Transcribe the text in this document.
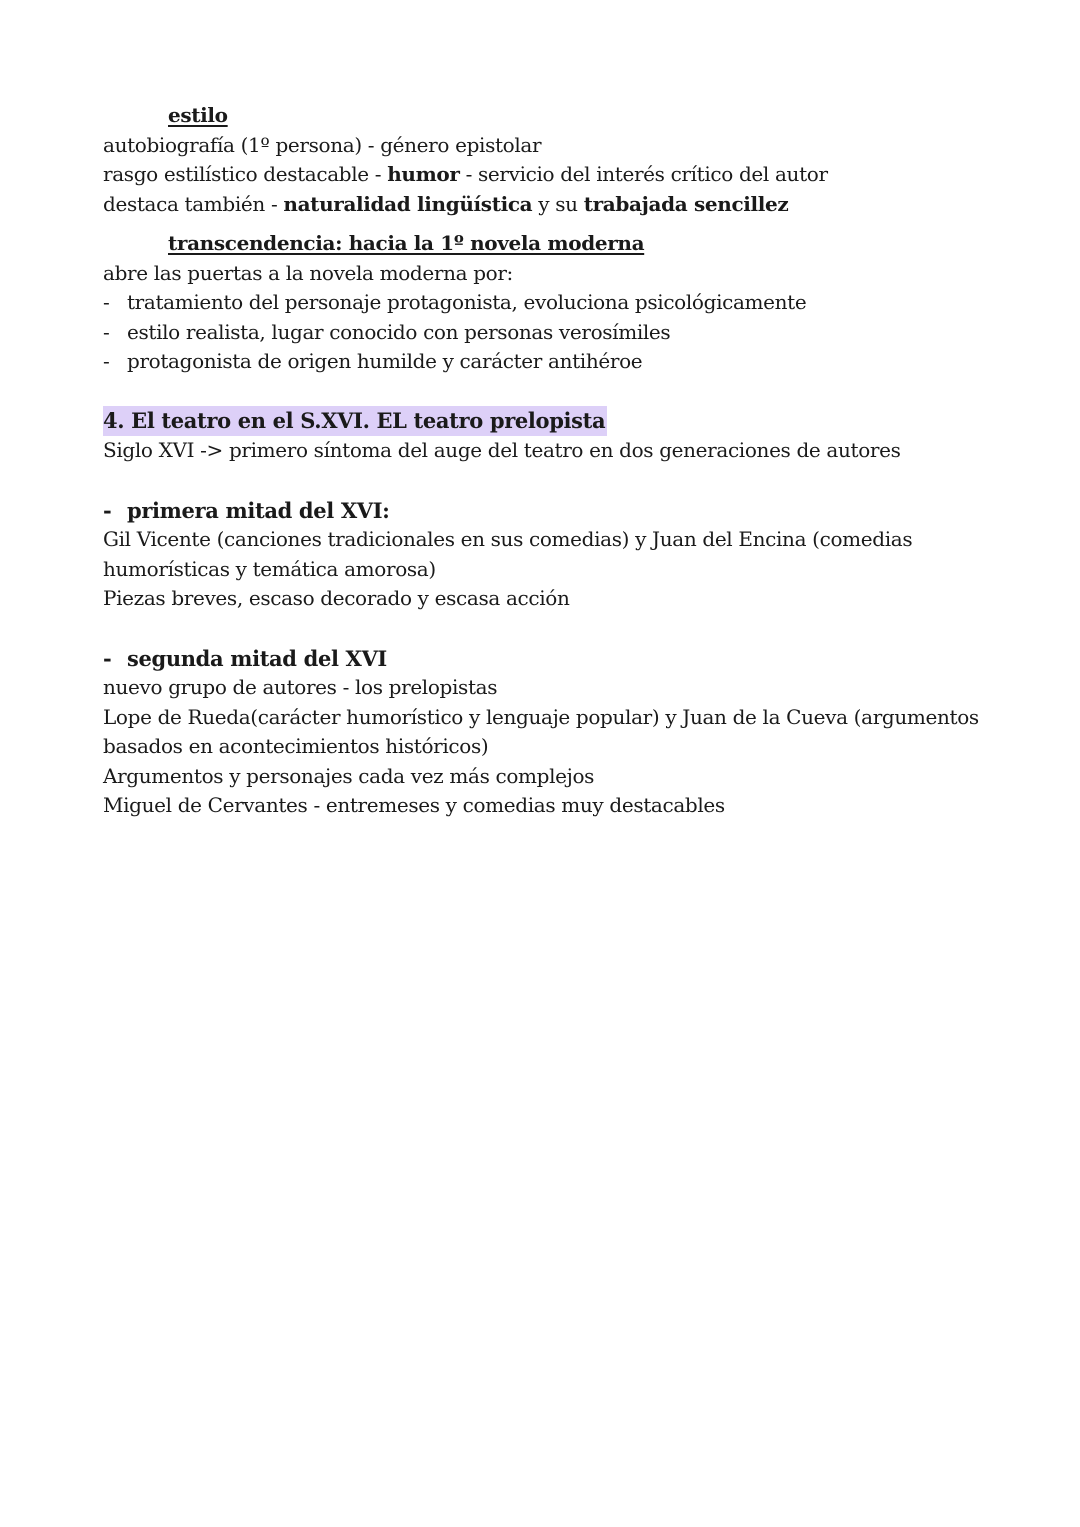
estilo
autobiografía (1º persona) - género epistolar
rasgo estilístico destacable - humor - servicio del interés crítico del autor
destaca también - naturalidad lingüística y su trabajada sencillez
transcendencia: hacia la 1º novela moderna
abre las puertas a la novela moderna por:
- tratamiento del personaje protagonista, evoluciona psicológicamente
- estilo realista, lugar conocido con personas verosímiles
- protagonista de origen humilde y carácter antihéroe
4. El teatro en el S.XVI. EL teatro prelopista
Siglo XVI -> primero síntoma del auge del teatro en dos generaciones de autores
- primera mitad del XVI:
Gil Vicente (canciones tradicionales en sus comedias) y Juan del Encina (comedias
humorísticas y temática amorosa)
Piezas breves, escaso decorado y escasa acción
- segunda mitad del XVI
nuevo grupo de autores - los prelopistas
Lope de Rueda(carácter humorístico y lenguaje popular) y Juan de la Cueva (argumentos
basados en acontecimientos históricos)
Argumentos y personajes cada vez más complejos
Miguel de Cervantes - entremeses y comedias muy destacables
